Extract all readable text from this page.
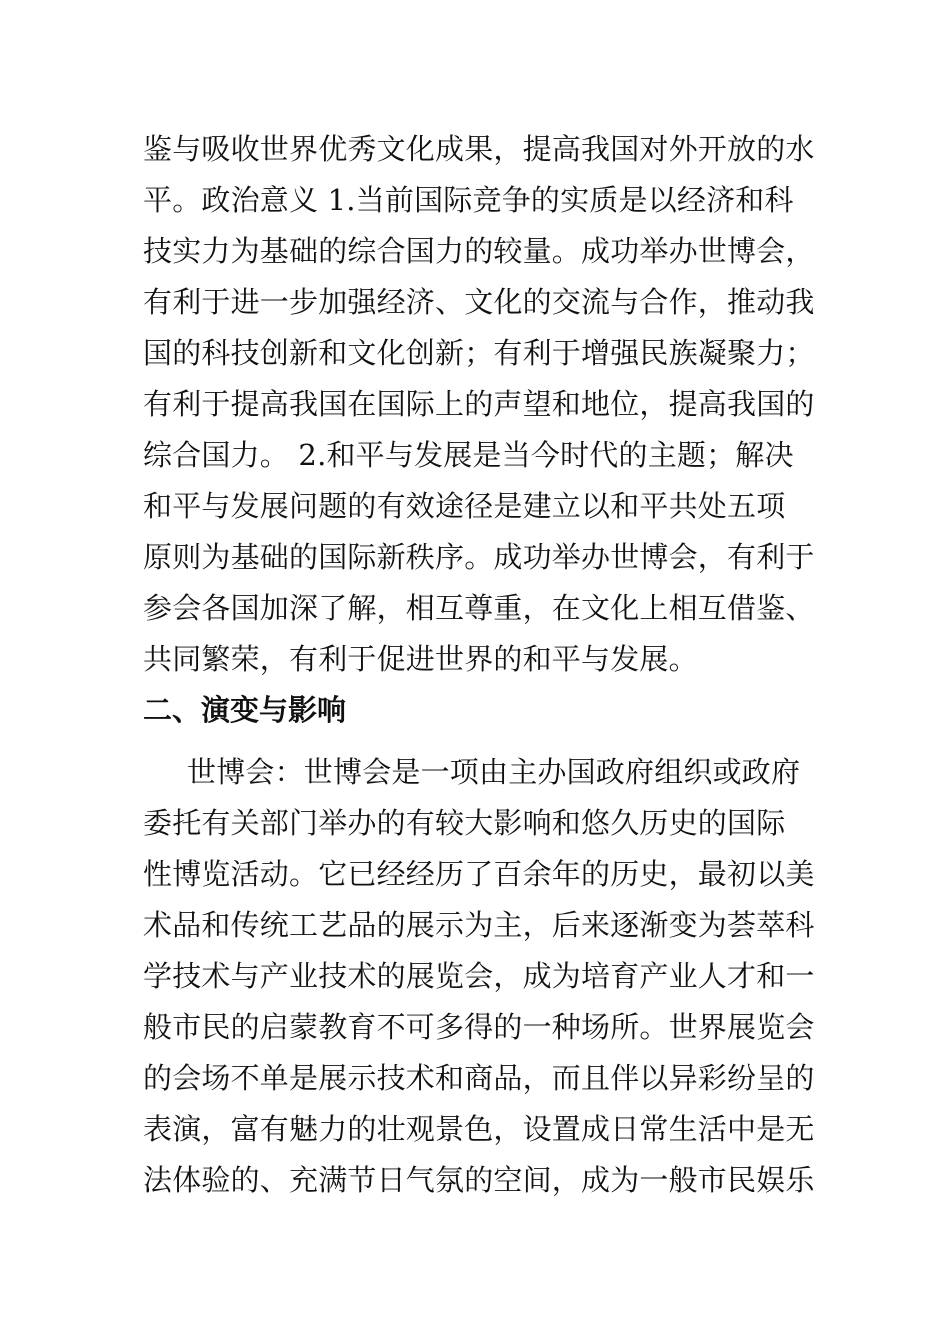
鉴与吸收世界优秀文化成果，提高我国对外开放的水
平。政治意义 1.当前国际竞争的实质是以经济和科
技实力为基础的综合国力的较量。成功举办世博会，
有利于进一步加强经济、文化的交流与合作，推动我
国的科技创新和文化创新；有利于增强民族凝聚力；
有利于提高我国在国际上的声望和地位，提高我国的
综合国力。 2.和平与发展是当今时代的主题；解决
和平与发展问题的有效途径是建立以和平共处五项
原则为基础的国际新秩序。成功举办世博会，有利于
参会各国加深了解，相互尊重，在文化上相互借鉴、
共同繁荣，有利于促进世界的和平与发展。
二、演变与影响
世博会：世博会是一项由主办国政府组织或政府
委托有关部门举办的有较大影响和悠久历史的国际
性博览活动。它已经经历了百余年的历史，最初以美
术品和传统工艺品的展示为主，后来逐渐变为荟萃科
学技术与产业技术的展览会，成为培育产业人才和一
般市民的启蒙教育不可多得的一种场所。世界展览会
的会场不单是展示技术和商品，而且伴以异彩纷呈的
表演，富有魅力的壮观景色，设置成日常生活中是无
法体验的、充满节日气氛的空间，成为一般市民娱乐
